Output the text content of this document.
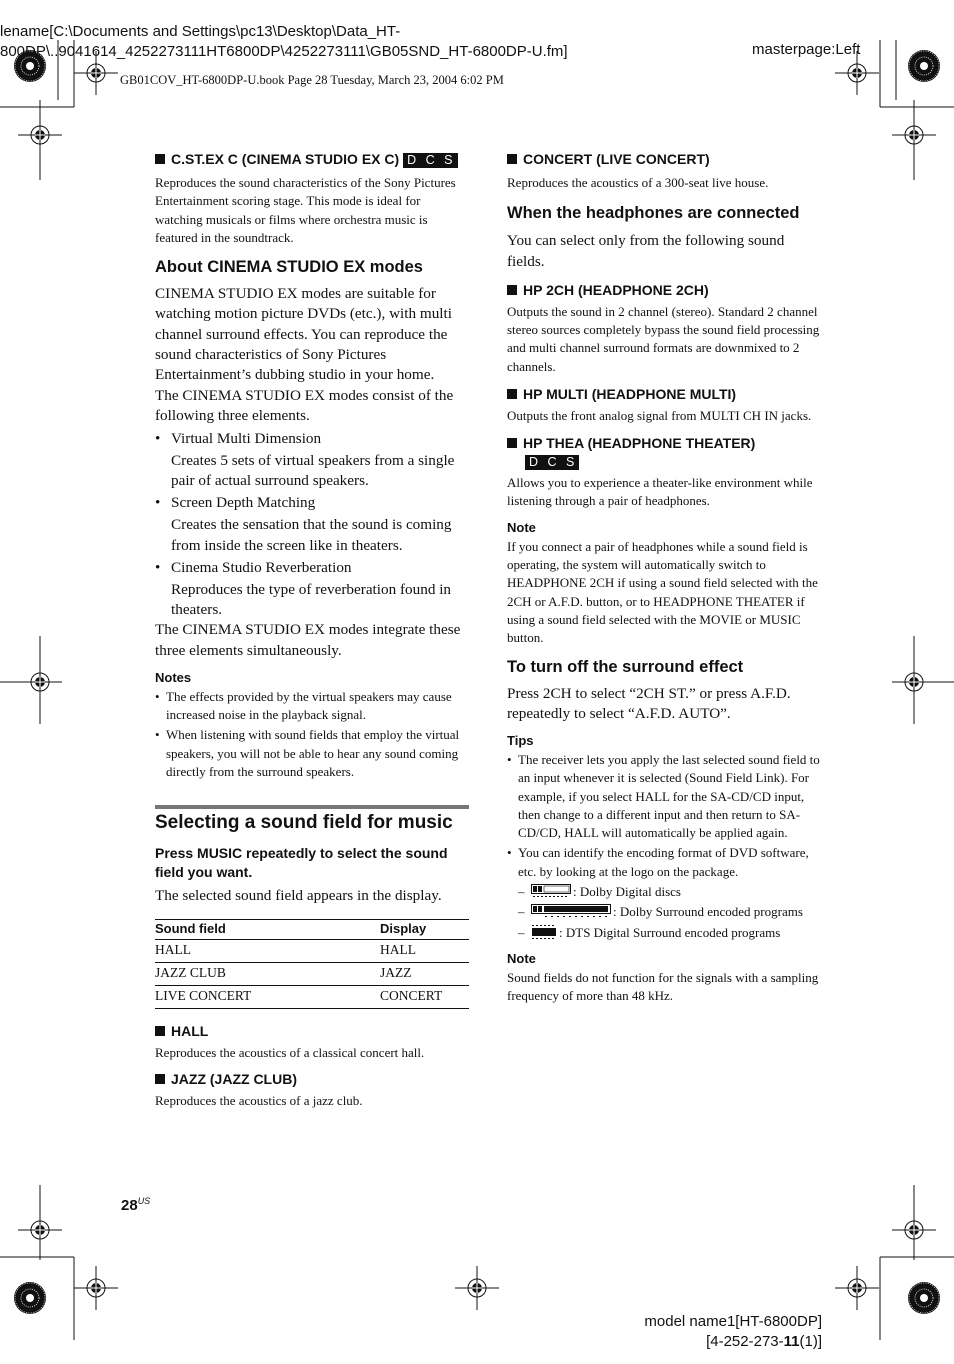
lename[C:\Documents and Settings\pc13\Desktop\Data_HT-
800DP\..9041614_4252273111HT6800DP\4252273111\GB05SND_HT-6800DP-U.fm]	masterpage:Left
GB01COV_HT-6800DP-U.book Page 28 Tuesday, March 23, 2004 6:02 PM
C.ST.EX C (CINEMA STUDIO EX C) D C S

Reproduces the sound characteristics of the Sony Pictures Entertainment scoring stage. This mode is ideal for watching musicals or films where orchestra music is featured in the soundtrack.

About CINEMA STUDIO EX modes

CINEMA STUDIO EX modes are suitable for watching motion picture DVDs (etc.), with multi channel surround effects. You can reproduce the sound characteristics of Sony Pictures Entertainment’s dubbing studio in your home.

The CINEMA STUDIO EX modes consist of the following three elements.

• Virtual Multi Dimension

Creates 5 sets of virtual speakers from a single pair of actual surround speakers.

• Screen Depth Matching

Creates the sensation that the sound is coming from inside the screen like in theaters.

• Cinema Studio Reverberation

Reproduces the type of reverberation found in theaters.

The CINEMA STUDIO EX modes integrate these three elements simultaneously.

Notes

• The effects provided by the virtual speakers may cause increased noise in the playback signal.

• When listening with sound fields that employ the virtual speakers, you will not be able to hear any sound coming directly from the surround speakers.

Selecting a sound field for music

Press MUSIC repeatedly to select the sound field you want.

The selected sound field appears in the display.

Sound field	Display
HALL	HALL
JAZZ CLUB	JAZZ
LIVE CONCERT	CONCERT
HALL

Reproduces the acoustics of a classical concert hall.

JAZZ (JAZZ CLUB)

Reproduces the acoustics of a jazz club.

CONCERT (LIVE CONCERT)

Reproduces the acoustics of a 300-seat live house.

When the headphones are connected

You can select only from the following sound fields.

HP 2CH (HEADPHONE 2CH)

Outputs the sound in 2 channel (stereo). Standard 2 channel stereo sources completely bypass the sound field processing and multi channel surround formats are downmixed to 2 channels.

HP MULTI (HEADPHONE MULTI)

Outputs the front analog signal from MULTI CH IN jacks.

HP THEA (HEADPHONE THEATER)
D C S

Allows you to experience a theater-like environment while listening through a pair of headphones.

Note

If you connect a pair of headphones while a sound field is operating, the system will automatically switch to HEADPHONE 2CH if using a sound field selected with the 2CH or A.F.D. button, or to HEADPHONE THEATER if using a sound field selected with the MOVIE or MUSIC button.

To turn off the surround effect

Press 2CH to select “2CH ST.” or press A.F.D. repeatedly to select “A.F.D. AUTO”.

Tips

• The receiver lets you apply the last selected sound field to an input whenever it is selected (Sound Field Link). For example, if you select HALL for the SA-CD/CD input, then change to a different input and then return to SA-CD/CD, HALL will automatically be applied again.

• You can identify the encoding format of DVD software, etc. by looking at the logo on the package.

– : Dolby Digital discs

– : Dolby Surround encoded programs

– : DTS Digital Surround encoded programs

Note

Sound fields do not function for the signals with a sampling frequency of more than 48 kHz.

$28^{US}$
model name1[HT-6800DP]
[4-252-273-11(1)]
